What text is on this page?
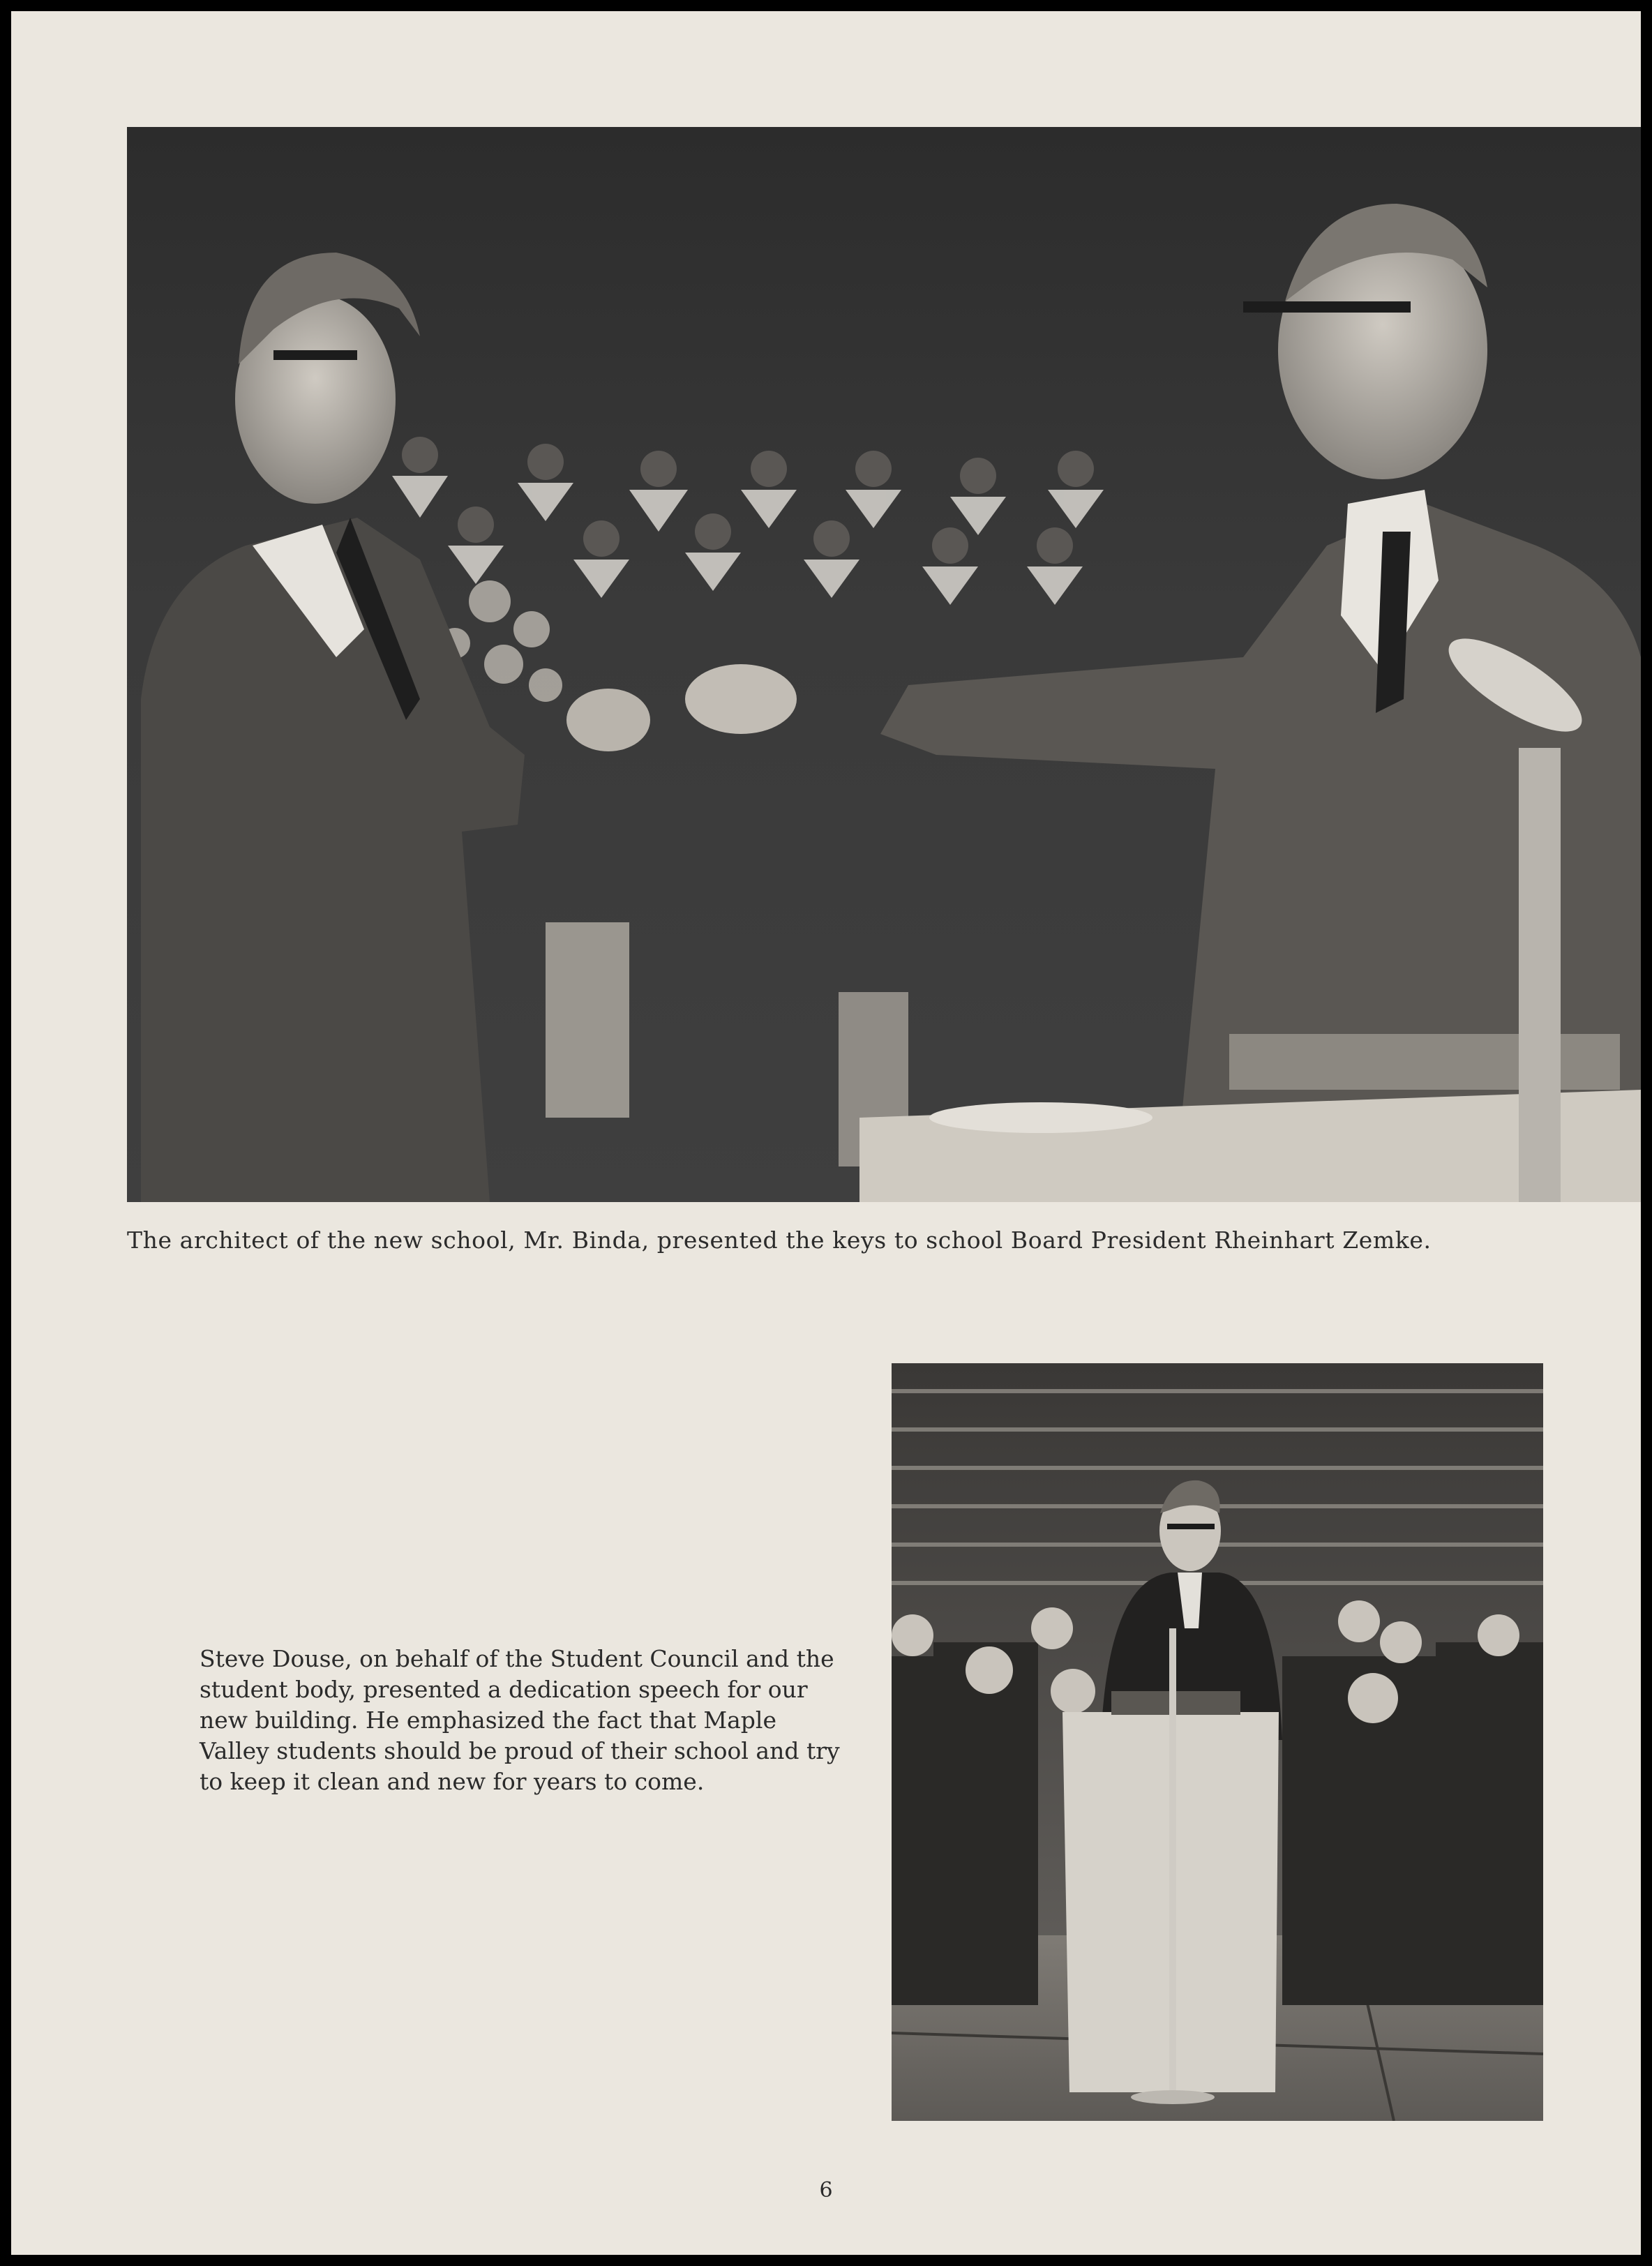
The architect of the new school, Mr. Binda, presented the keys to school Board President Rheinhart Zemke.
Steve Douse, on behalf of the Student Council and the student body, presented a dedication speech for our new building. He emphasized the fact that Maple Valley students should be proud of their school and try to keep it clean and new for years to come.
6
